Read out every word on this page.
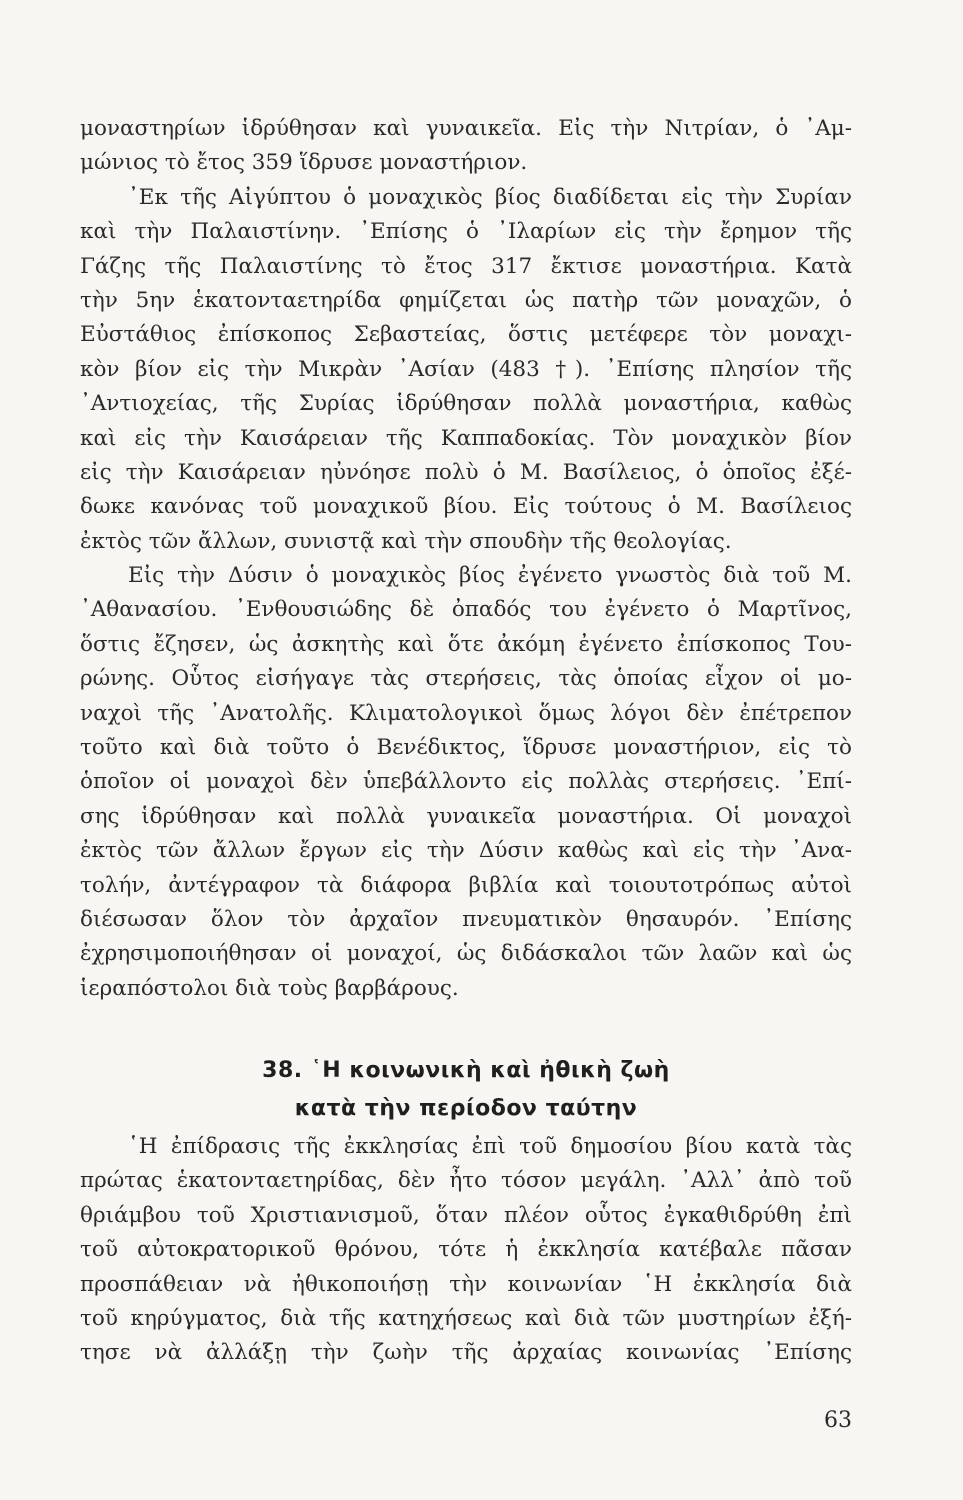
μοναστηρίων ἱδρύθησαν καὶ γυναικεῖα. Εἰς τὴν Νιτρίαν, ὁ ᾿Αμ-
μώνιος τὸ ἔτος 359 ἵδρυσε μοναστήριον.
᾿Εκ τῆς Αἰγύπτου ὁ μοναχικὸς βίος διαδίδεται εἰς τὴν Συρίαν
καὶ τὴν Παλαιστίνην. ᾿Επίσης ὁ ᾿Ιλαρίων εἰς τὴν ἔρημον τῆς
Γάζης τῆς Παλαιστίνης τὸ ἔτος 317 ἔκτισε μοναστήρια. Κατὰ
τὴν 5ην ἑκατονταετηρίδα φημίζεται ὡς πατὴρ τῶν μοναχῶν, ὁ
Εὐστάθιος ἐπίσκοπος Σεβαστείας, ὅστις μετέφερε τὸν μοναχι-
κὸν βίον εἰς τὴν Μικρὰν ᾿Ασίαν (483 †). ᾿Επίσης πλησίον τῆς
᾿Αντιοχείας, τῆς Συρίας ἱδρύθησαν πολλὰ μοναστήρια, καθὼς
καὶ εἰς τὴν Καισάρειαν τῆς Καππαδοκίας. Τὸν μοναχικὸν βίον
εἰς τὴν Καισάρειαν ηὐνόησε πολὺ ὁ Μ. Βασίλειος, ὁ ὁποῖος ἐξέ-
δωκε κανόνας τοῦ μοναχικοῦ βίου. Εἰς τούτους ὁ Μ. Βασίλειος
ἐκτὸς τῶν ἄλλων, συνιστᾷ καὶ τὴν σπουδὴν τῆς θεολογίας.
Εἰς τὴν Δύσιν ὁ μοναχικὸς βίος ἐγένετο γνωστὸς διὰ τοῦ Μ.
᾿Αθανασίου. ᾿Ενθουσιώδης δὲ ὀπαδός του ἐγένετο ὁ Μαρτῖνος,
ὅστις ἔζησεν, ὡς ἀσκητὴς καὶ ὅτε ἀκόμη ἐγένετο ἐπίσκοπος Του-
ρώνης. Οὗτος εἰσήγαγε τὰς στερήσεις, τὰς ὁποίας εἶχον οἱ μο-
ναχοὶ τῆς ᾿Ανατολῆς. Κλιματολογικοὶ ὅμως λόγοι δὲν ἐπέτρεπον
τοῦτο καὶ διὰ τοῦτο ὁ Βενέδικτος, ἵδρυσε μοναστήριον, εἰς τὸ
ὁποῖον οἱ μοναχοὶ δὲν ὑπεβάλλοντο εἰς πολλὰς στερήσεις. ᾿Επί-
σης ἱδρύθησαν καὶ πολλὰ γυναικεῖα μοναστήρια. Οἱ μοναχοὶ
ἐκτὸς τῶν ἄλλων ἔργων εἰς τὴν Δύσιν καθὼς καὶ εἰς τὴν ᾿Ανα-
τολήν, ἀντέγραφον τὰ διάφορα βιβλία καὶ τοιουτοτρόπως αὐτοὶ
διέσωσαν ὅλον τὸν ἀρχαῖον πνευματικὸν θησαυρόν. ᾿Επίσης
ἐχρησιμοποιήθησαν οἱ μοναχοί, ὡς διδάσκαλοι τῶν λαῶν καὶ ὡς
ἱεραπόστολοι διὰ τοὺς βαρβάρους.
38. ῾Η κοινωνικὴ καὶ ἠθικὴ ζωὴ
κατὰ τὴν περίοδον ταύτην
῾Η ἐπίδρασις τῆς ἐκκλησίας ἐπὶ τοῦ δημοσίου βίου κατὰ τὰς
πρώτας ἑκατονταετηρίδας, δὲν ἦτο τόσον μεγάλη. ᾿Αλλ᾿ ἀπὸ τοῦ
θριάμβου τοῦ Χριστιανισμοῦ, ὅταν πλέον οὗτος ἐγκαθιδρύθη ἐπὶ
τοῦ αὐτοκρατορικοῦ θρόνου, τότε ἡ ἐκκλησία κατέβαλε πᾶσαν
προσπάθειαν νὰ ἠθικοποιήσῃ τὴν κοινωνίαν ῾Η ἐκκλησία διὰ
τοῦ κηρύγματος, διὰ τῆς κατηχήσεως καὶ διὰ τῶν μυστηρίων ἐξή-
τησε νὰ ἀλλάξῃ τὴν ζωὴν τῆς ἀρχαίας κοινωνίας ᾿Επίσης
63
